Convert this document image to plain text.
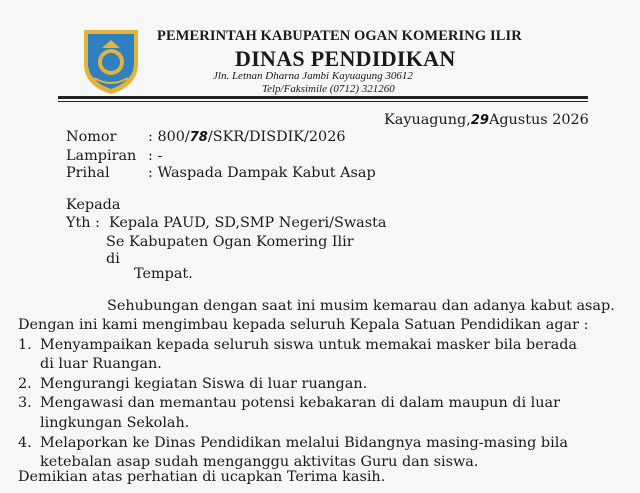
PEMERINTAH KABUPATEN OGAN KOMERING ILIR
DINAS PENDIDIKAN
Jln. Letnan Dharna Jambi Kayuagung 30612
Telp/Faksimile (0712) 321260
Kayuagung,29Agustus 2026
Nomor : 800/78/SKR/DISDIK/2026
Lampiran : -
Prihal	: Waspada Dampak Kabut Asap
Kepada
Yth : Kepala PAUD, SD,SMP Negeri/Swasta
Se Kabupaten Ogan Komering Ilir
di
Tempat.
Sehubungan dengan saat ini musim kemarau dan adanya kabut asap.
Dengan ini kami mengimbau kepada seluruh Kepala Satuan Pendidikan agar :
1. Menyampaikan kepada seluruh siswa untuk memakai masker bila berada
di luar Ruangan.
2. Mengurangi kegiatan Siswa di luar ruangan.
3. Mengawasi dan memantau potensi kebakaran di dalam maupun di luar
lingkungan Sekolah.
4. Melaporkan ke Dinas Pendidikan melalui Bidangnya masing-masing bila
ketebalan asap sudah menganggu aktivitas Guru dan siswa.
Demikian atas perhatian di ucapkan Terima kasih.
